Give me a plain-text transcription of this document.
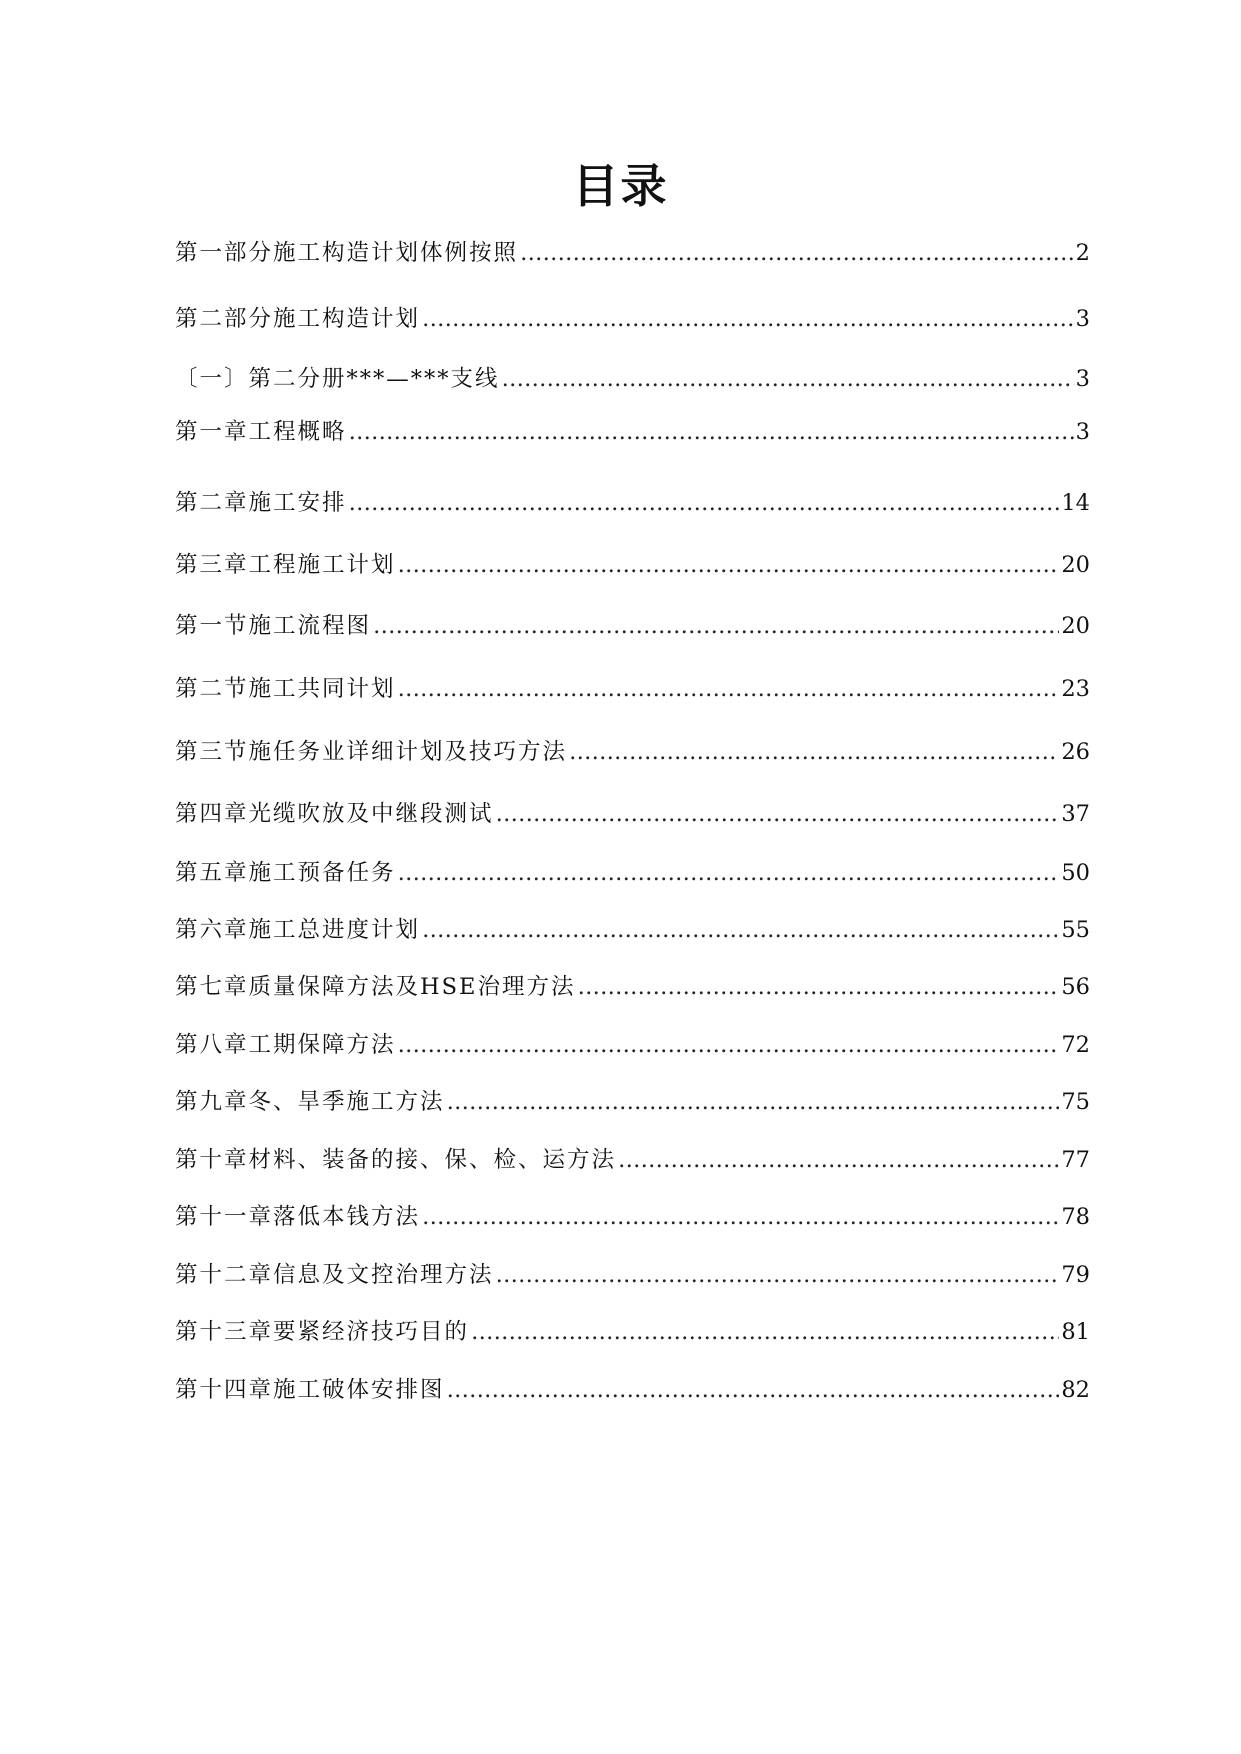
目录
第一部分施工构造计划体例按照 ……………………………………………………………………………………………………………………………………………………………………	2
第二部分施工构造计划 ……………………………………………………………………………………………………………………………………………………………………	3
〔一〕第二分册***—***支线 ……………………………………………………………………………………………………………………………………………………………………	3
第一章工程概略 ……………………………………………………………………………………………………………………………………………………………………	3
第二章施工安排 ……………………………………………………………………………………………………………………………………………………………………	14
第三章工程施工计划 ……………………………………………………………………………………………………………………………………………………………………	20
第一节施工流程图 ……………………………………………………………………………………………………………………………………………………………………	20
第二节施工共同计划 ……………………………………………………………………………………………………………………………………………………………………	23
第三节施任务业详细计划及技巧方法 ……………………………………………………………………………………………………………………………………………………………………	26
第四章光缆吹放及中继段测试 ……………………………………………………………………………………………………………………………………………………………………	37
第五章施工预备任务 ……………………………………………………………………………………………………………………………………………………………………	50
第六章施工总进度计划 ……………………………………………………………………………………………………………………………………………………………………	55
第七章质量保障方法及HSE治理方法 ……………………………………………………………………………………………………………………………………………………………………	56
第八章工期保障方法 ……………………………………………………………………………………………………………………………………………………………………	72
第九章冬、旱季施工方法 ……………………………………………………………………………………………………………………………………………………………………	75
第十章材料、装备的接、保、检、运方法 ……………………………………………………………………………………………………………………………………………………………………	77
第十一章落低本钱方法 ……………………………………………………………………………………………………………………………………………………………………	78
第十二章信息及文控治理方法 ……………………………………………………………………………………………………………………………………………………………………	79
第十三章要紧经济技巧目的 ……………………………………………………………………………………………………………………………………………………………………	81
第十四章施工破体安排图 ……………………………………………………………………………………………………………………………………………………………………	82
